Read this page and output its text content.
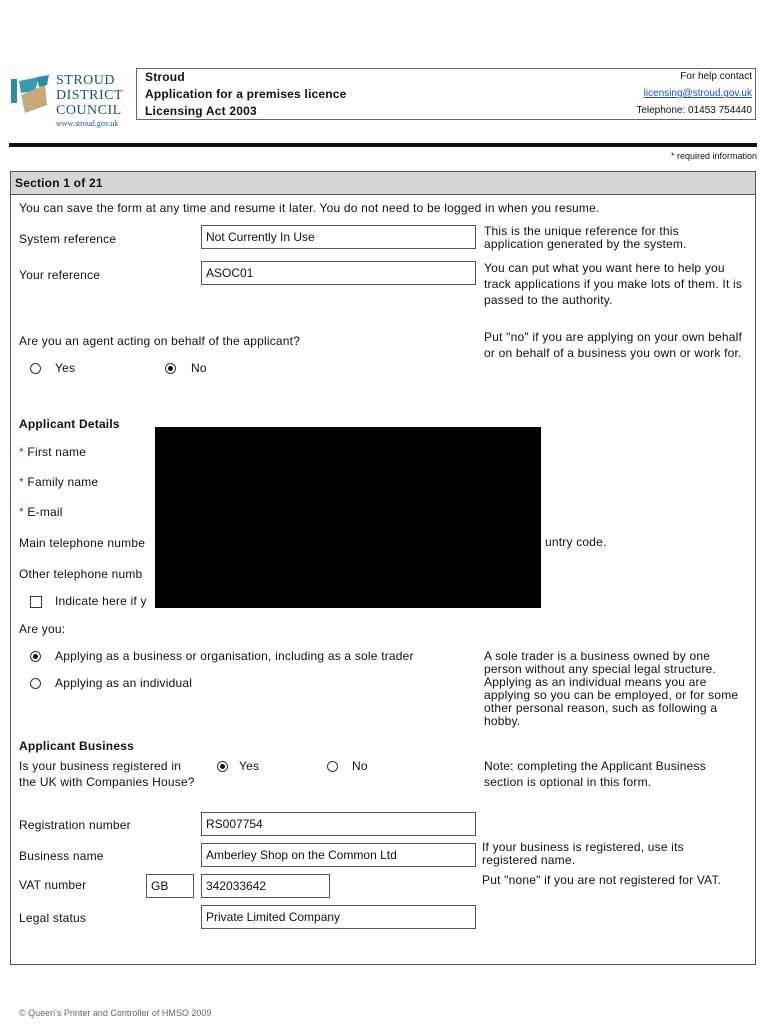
STROUD
DISTRICT
COUNCIL
www.stroud.gov.uk
Stroud
Application for a premises licence
Licensing Act 2003
For help contact
licensing@stroud.gov.uk
Telephone: 01453 754440
* required information
Section 1 of 21
You can save the form at any time and resume it later. You do not need to be logged in when you resume.
System reference	Not Currently In Use	This is the unique reference for this application generated by the system.
Your reference	ASOC01	You can put what you want here to help you track applications if you make lots of them. It is passed to the authority.
Are you an agent acting on behalf of the applicant?
Yes	No
Put "no" if you are applying on your own behalf or on behalf of a business you own or work for.
Applicant Details
* First name
* Family name
* E-mail
Main telephone numbe	untry code.
Other telephone numb
Indicate here if y
Are you:
Applying as a business or organisation, including as a sole trader
Applying as an individual
A sole trader is a business owned by one person without any special legal structure. Applying as an individual means you are applying so you can be employed, or for some other personal reason, such as following a hobby.
Applicant Business
Is your business registered in the UK with Companies House?
Yes	No	Note: completing the Applicant Business section is optional in this form.
Registration number	RS007754
Business name	Amberley Shop on the Common Ltd
If your business is registered, use its registered name.
VAT number	GB	342033642	Put "none" if you are not registered for VAT.
Legal status	Private Limited Company
© Queen's Printer and Controller of HMSO 2009
